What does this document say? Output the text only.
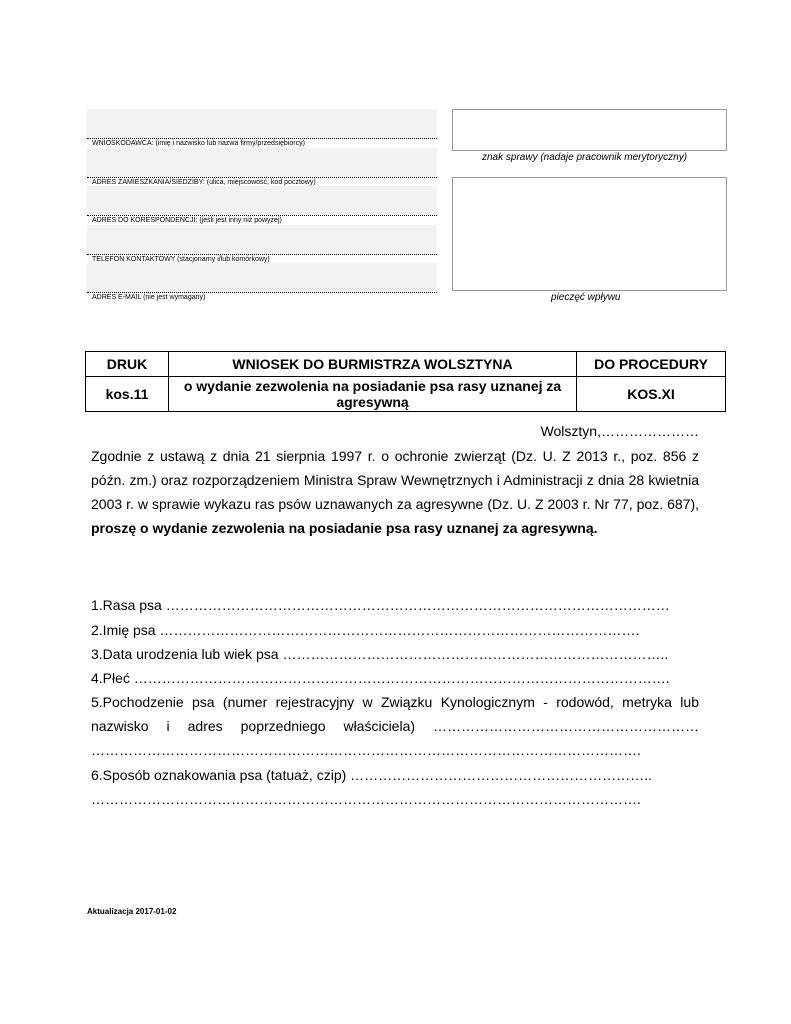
WNIOSKODAWCA: (imię i nazwisko lub nazwa firmy/przedsiębiorcy)
ADRES ZAMIESZKANIA/SIEDZIBY: (ulica, miejscowość, kod pocztowy)
ADRES DO KORESPONDENCJI: (jeśli jest inny niż powyżej)
TELEFON KONTAKTOWY (stacjonarny i/lub komórkowy)
ADRES E-MAIL (nie jest wymagany)
znak sprawy (nadaje pracownik merytoryczny)
pieczęć wpływu
DRUK	WNIOSEK DO BURMISTRZA WOLSZTYNA	DO PROCEDURY
kos.11	o wydanie zezwolenia na posiadanie psa rasy uznanej za agresywną	KOS.XI
Wolsztyn,…………………
Zgodnie z ustawą z dnia 21 sierpnia 1997 r. o ochronie zwierząt (Dz. U. Z 2013 r., poz. 856 z późn. zm.) oraz rozporządzeniem Ministra Spraw Wewnętrznych i Administracji z dnia 28 kwietnia 2003 r. w sprawie wykazu ras psów uznawanych za agresywne (Dz. U. Z 2003 r. Nr 77, poz. 687), proszę o wydanie zezwolenia na posiadanie psa rasy uznanej za agresywną.
1.Rasa psa ………………………………………………………………………………………………
2.Imię psa ………………………………………………………………………………………….
3.Data urodzenia lub wiek psa ………………………………………………………………………..
4.Płeć …………………………………………………………………………………………………….
5.Pochodzenie psa (numer rejestracyjny w Związku Kynologicznym - rodowód, metryka lub
nazwisko i adres poprzedniego właściciela) …………………………………………………
……………………………………………………………………………………………………….
6.Sposób oznakowania psa (tatuaż, czip) ………………………………………………………..
……………………………………………………………………………………………………….
Aktualizacja 2017-01-02
